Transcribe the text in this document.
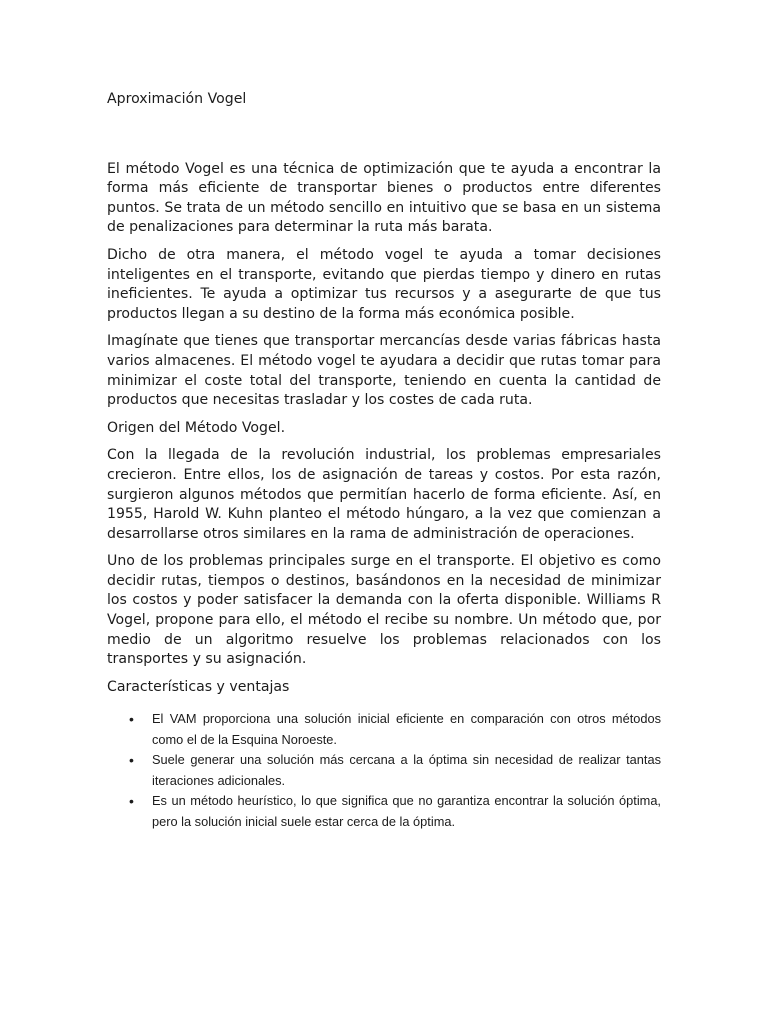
Aproximación Vogel

El método Vogel es una técnica de optimización que te ayuda a encontrar la forma más eficiente de transportar bienes o productos entre diferentes puntos. Se trata de un método sencillo en intuitivo que se basa en un sistema de penalizaciones para determinar la ruta más barata.

Dicho de otra manera, el método vogel te ayuda a tomar decisiones inteligentes en el transporte, evitando que pierdas tiempo y dinero en rutas ineficientes. Te ayuda a optimizar tus recursos y a asegurarte de que tus productos llegan a su destino de la forma más económica posible.

Imagínate que tienes que transportar mercancías desde varias fábricas hasta varios almacenes. El método vogel te ayudara a decidir que rutas tomar para minimizar el coste total del transporte, teniendo en cuenta la cantidad de productos que necesitas trasladar y los costes de cada ruta.

Origen del Método Vogel.

Con la llegada de la revolución industrial, los problemas empresariales crecieron. Entre ellos, los de asignación de tareas y costos. Por esta razón, surgieron algunos métodos que permitían hacerlo de forma eficiente. Así, en 1955, Harold W. Kuhn planteo el método húngaro, a la vez que comienzan a desarrollarse otros similares en la rama de administración de operaciones.

Uno de los problemas principales surge en el transporte. El objetivo es como decidir rutas, tiempos o destinos, basándonos en la necesidad de minimizar los costos y poder satisfacer la demanda con la oferta disponible. Williams R Vogel, propone para ello, el método el recibe su nombre. Un método que, por medio de un algoritmo resuelve los problemas relacionados con los transportes y su asignación.

Características y ventajas

• El VAM proporciona una solución inicial eficiente en comparación con otros métodos como el de la Esquina Noroeste.
• Suele generar una solución más cercana a la óptima sin necesidad de realizar tantas iteraciones adicionales.
• Es un método heurístico, lo que significa que no garantiza encontrar la solución óptima, pero la solución inicial suele estar cerca de la óptima.
